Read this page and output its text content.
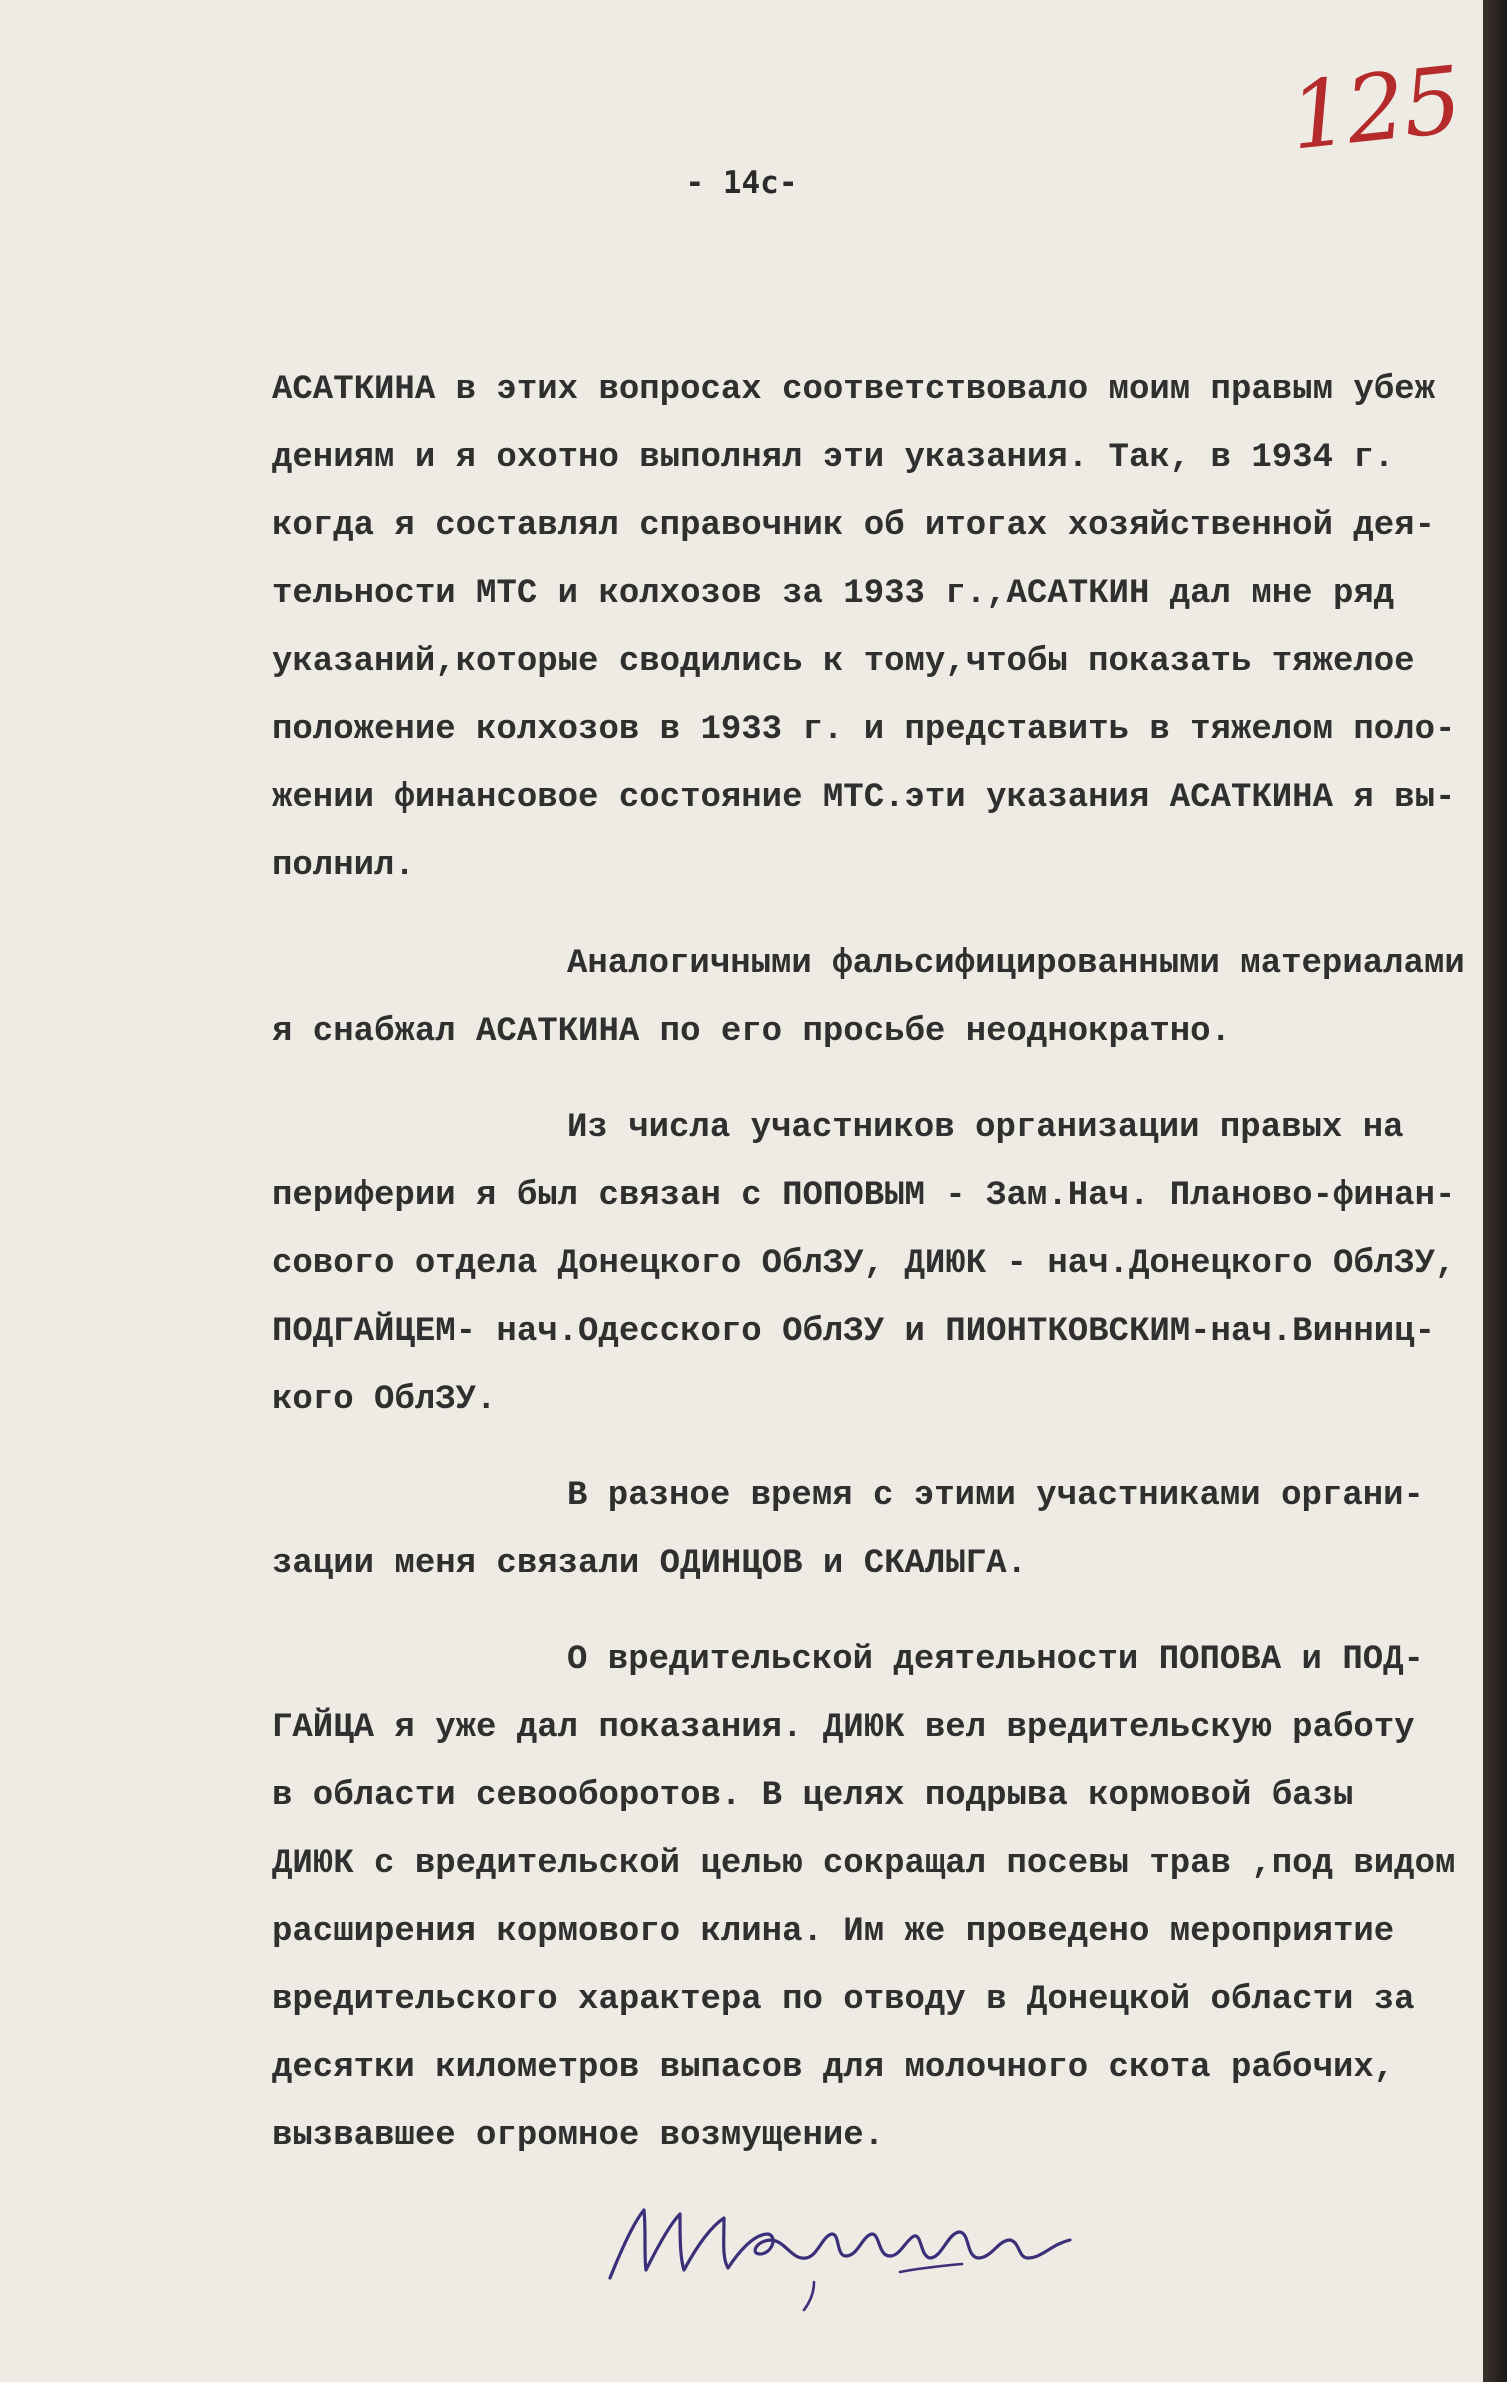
125
- 14c-
АСАТКИНА в этих вопросах соответствовало моим правым убеж
дениям и я охотно выполнял эти указания. Так, в 1934 г.
когда я составлял справочник об итогах хозяйственной дея-
тельности МТС и колхозов за 1933 г.,АСАТКИН дал мне ряд
указаний,которые сводились к тому,чтобы показать тяжелое
положение колхозов в 1933 г. и представить в тяжелом поло-
жении финансовое состояние МТС.эти указания АСАТКИНА я вы-
полнил.
Аналогичными фальсифицированными материалами
я снабжал АСАТКИНА по его просьбе неоднократно.
Из числа участников организации правых на
периферии я был связан с ПОПОВЫМ - Зам.Нач. Планово-финан-
сового отдела Донецкого ОблЗУ, ДИЮК - нач.Донецкого ОблЗУ,
ПОДГАЙЦЕМ- нач.Одесского ОблЗУ и ПИОНТКОВСКИМ-нач.Винниц-
кого ОблЗУ.
В разное время с этими участниками органи-
зации меня связали ОДИНЦОВ и СКАЛЫГА.
О вредительской деятельности ПОПОВА и ПОД-
ГАЙЦА я уже дал показания. ДИЮК вел вредительскую работу
в области севооборотов. В целях подрыва кормовой базы
ДИЮК с вредительской целью сокращал посевы трав ,под видом
расширения кормового клина. Им же проведено мероприятие
вредительского характера по отводу в Донецкой области за
десятки километров выпасов для молочного скота рабочих,
вызвавшее огромное возмущение.
